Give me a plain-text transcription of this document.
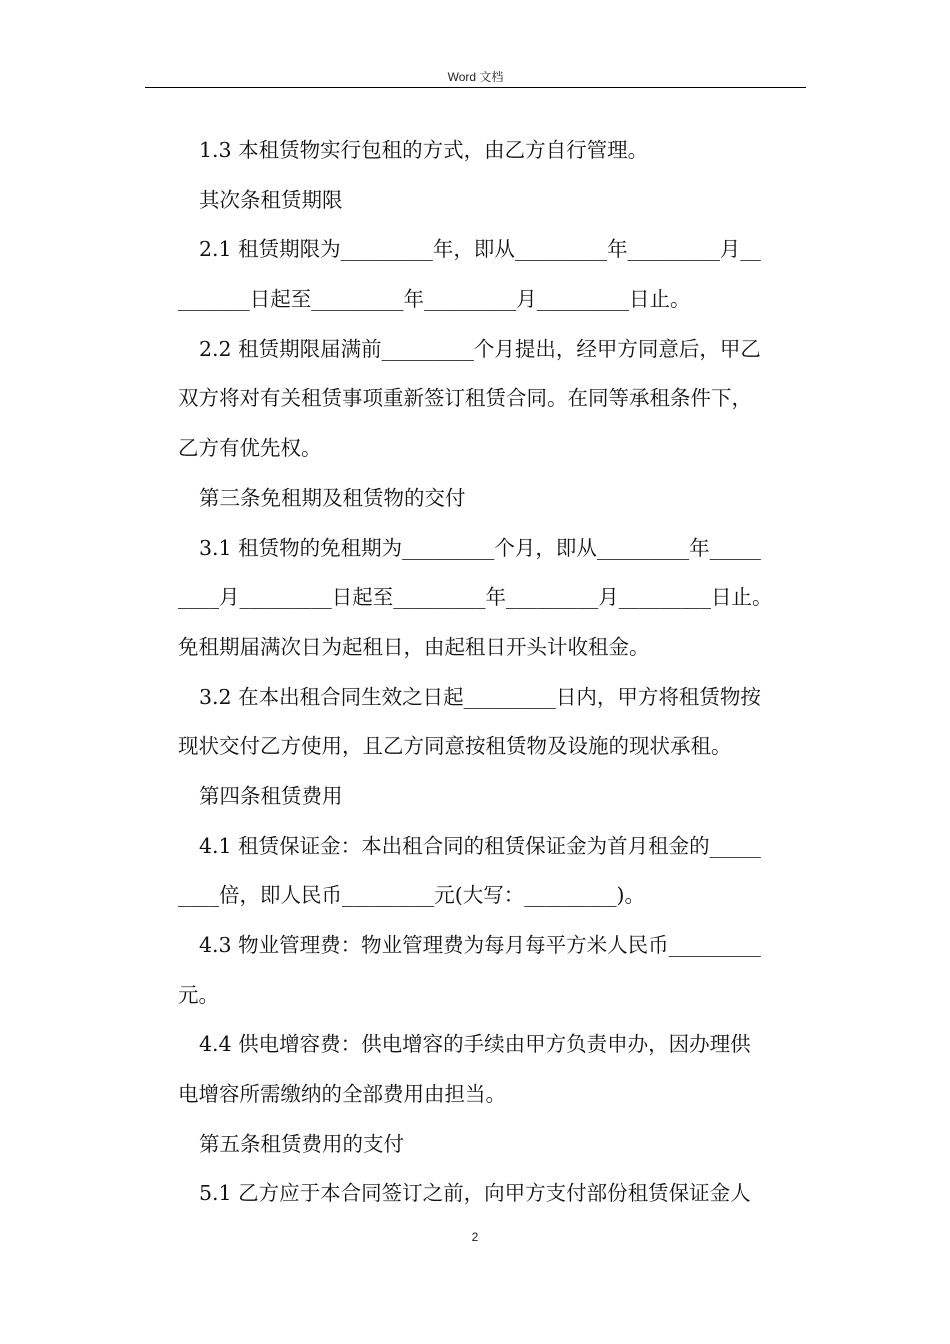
Word 文档
1.3 本租赁物实行包租的方式，由乙方自行管理。
其次条租赁期限
2.1 租赁期限为_________年，即从_________年_________月__
_______日起至_________年_________月_________日止。
2.2 租赁期限届满前_________个月提出，经甲方同意后，甲乙
双方将对有关租赁事项重新签订租赁合同。在同等承租条件下，
乙方有优先权。
第三条免租期及租赁物的交付
3.1 租赁物的免租期为_________个月，即从_________年_____
____月_________日起至_________年_________月_________日止。
免租期届满次日为起租日，由起租日开头计收租金。
3.2 在本出租合同生效之日起_________日内，甲方将租赁物按
现状交付乙方使用，且乙方同意按租赁物及设施的现状承租。
第四条租赁费用
4.1 租赁保证金：本出租合同的租赁保证金为首月租金的_____
____倍，即人民币_________元(大写：_________)。
4.3 物业管理费：物业管理费为每月每平方米人民币_________
元。
4.4 供电增容费：供电增容的手续由甲方负责申办，因办理供
电增容所需缴纳的全部费用由担当。
第五条租赁费用的支付
5.1 乙方应于本合同签订之前，向甲方支付部份租赁保证金人
2
